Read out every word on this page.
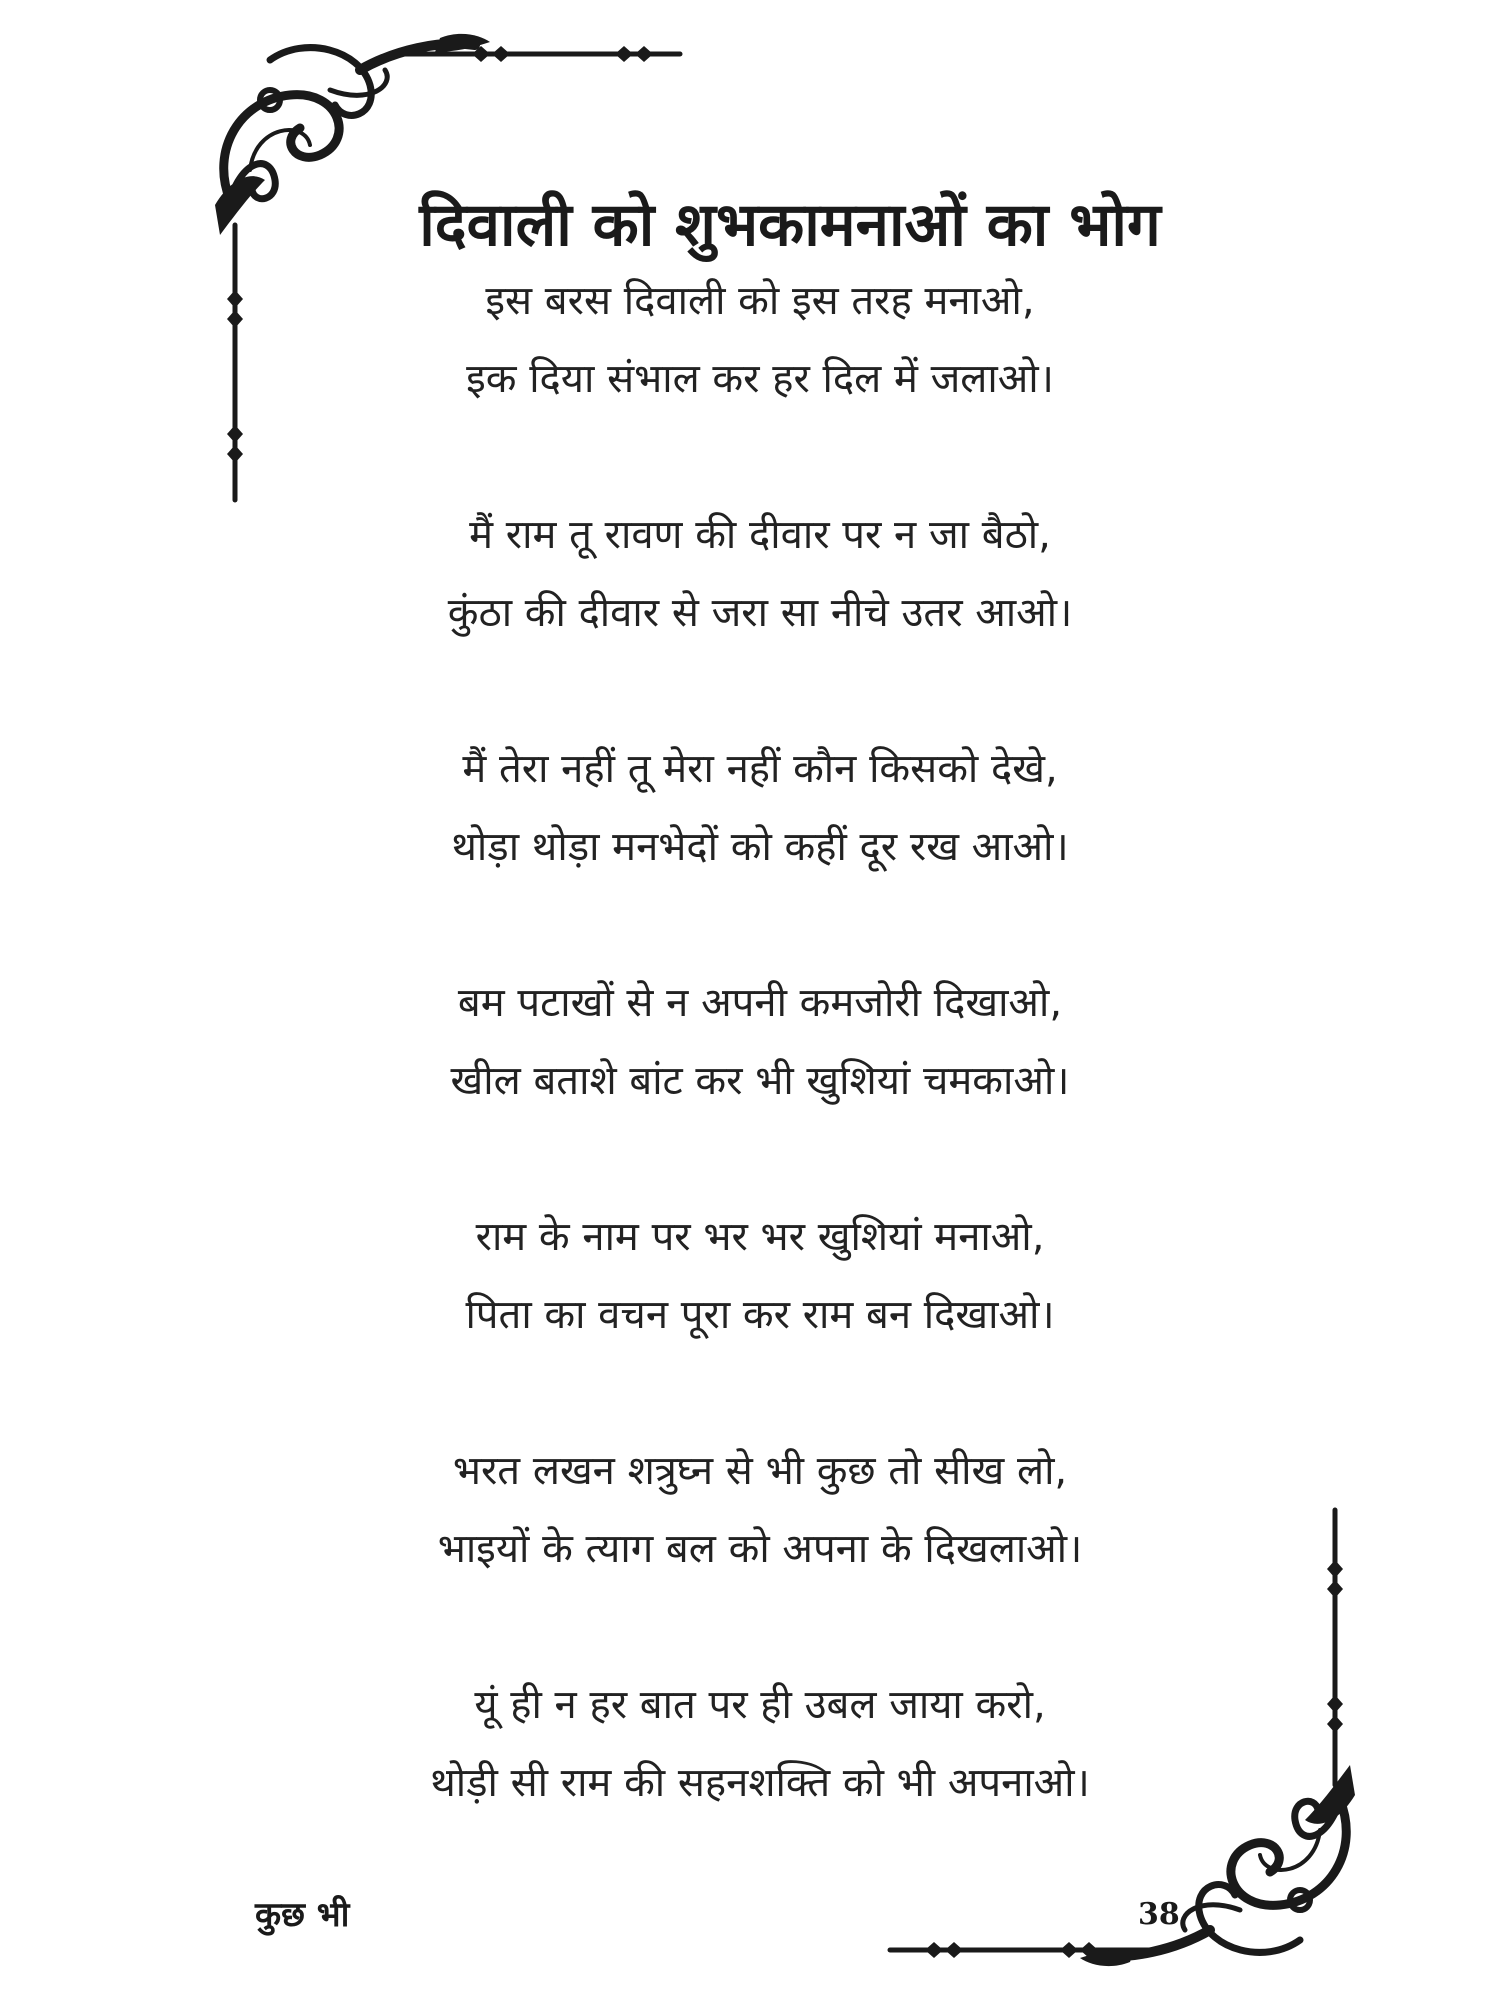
दिवाली को शुभकामनाओं का भोग
इस बरस दिवाली को इस तरह मनाओ,
इक दिया संभाल कर हर दिल में जलाओ।
मैं राम तू रावण की दीवार पर न जा बैठो,
कुंठा की दीवार से जरा सा नीचे उतर आओ।
मैं तेरा नहीं तू मेरा नहीं कौन किसको देखे,
थोड़ा थोड़ा मनभेदों को कहीं दूर रख आओ।
बम पटाखों से न अपनी कमजोरी दिखाओ,
खील बताशे बांट कर भी खुशियां चमकाओ।
राम के नाम पर भर भर खुशियां मनाओ,
पिता का वचन पूरा कर राम बन दिखाओ।
भरत लखन शत्रुघ्न से भी कुछ तो सीख लो,
भाइयों के त्याग बल को अपना के दिखलाओ।
यूं ही न हर बात पर ही उबल जाया करो,
थोड़ी सी राम की सहनशक्ति को भी अपनाओ।
कुछ भी	38
